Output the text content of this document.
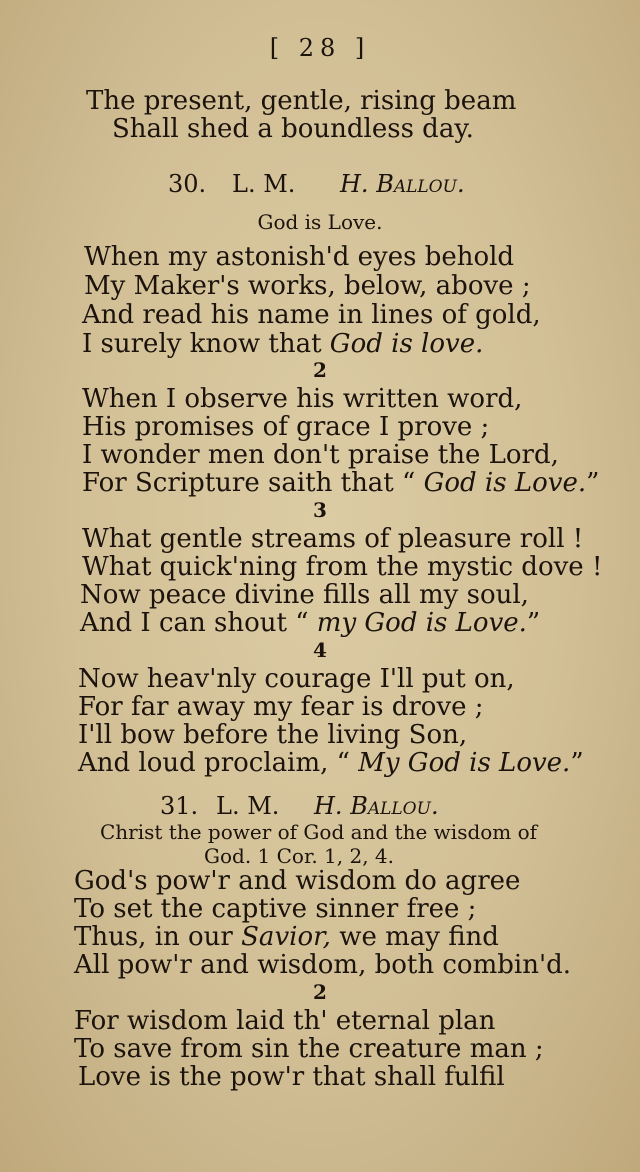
[ 28 ]
The present, gentle, rising beam
Shall shed a boundless day.
30. L. M. H. Ballou.
God is Love.
When my astonish'd eyes behold
My Maker's works, below, above ;
And read his name in lines of gold,
I surely know that God is love.
2
When I observe his written word,
His promises of grace I prove ;
I wonder men don't praise the Lord,
For Scripture saith that “ God is Love.”
3
What gentle streams of pleasure roll !
What quick'ning from the mystic dove !
Now peace divine fills all my soul,
And I can shout “ my God is Love.”
4
Now heav'nly courage I'll put on,
For far away my fear is drove ;
I'll bow before the living Son,
And loud proclaim, “ My God is Love.”
31. L. M. H. Ballou.
Christ the power of God and the wisdom of
God. 1 Cor. 1, 2, 4.
God's pow'r and wisdom do agree
To set the captive sinner free ;
Thus, in our Savior, we may find
All pow'r and wisdom, both combin'd.
2
For wisdom laid th' eternal plan
To save from sin the creature man ;
Love is the pow'r that shall fulfil
